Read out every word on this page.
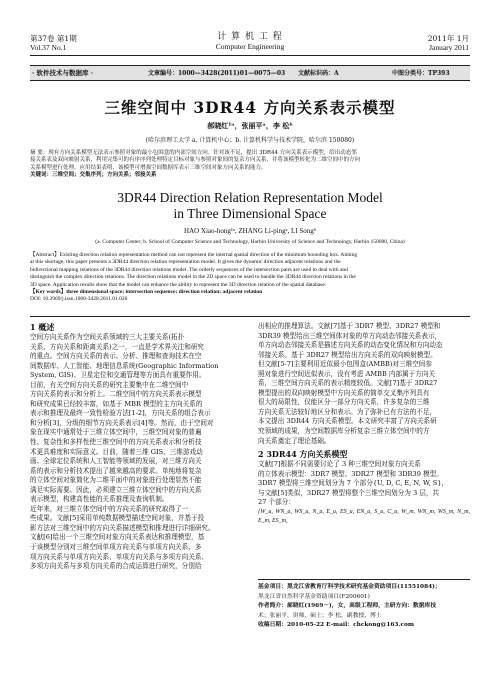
第37卷 第1期
Vol.37 No.1
计 算 机 工 程
Computer Engineering
2011年 1月
January 2011
· 软件技术与数据库 ·	文章编号：1000—3428(2011)01—0075—03 文献标识码：A	中图分类号：TP393
三维空间中 3DR44 方向关系表示模型
郝晓红¹ᵃ，张丽平ᵃ，李 松ᵇ
(哈尔滨理工大学 a. 计算机中心；b. 计算机科学与技术学院，哈尔滨 150080)

摘 要：现有方向关系模型无法表示参照对象的最小包围盒的内部空间方向。针对该不足，提出 3DR44 方向关系表示模型，给出动态邻

接关系表及双向映射关系，利用完集可的有序序列处理特定目标对象与参照对象间的复杂方向关系，并将该模型转化为二维空间中的方向

关系模型进行处理。应用结果表明，该模型可增强空间数据库表示三维空间对象方向关系的能力。

关键词：三维空间；交集序列；方向关系；邻接关系

3DR44 Direction Relation Representation Model
in Three Dimensional Space
HAO Xiao-hong¹ᵃ, ZHANG Li-pingᵃ, LI Songᵇ
(a. Computer Center; b. School of Computer Science and Technology, Harbin University of Science and Technology, Harbin 150080, China)

【Abstract】Existing direction relation representation method can not represent the internal spatial direction of the minimum bounding box. Aiming

at this shortage, this paper presents a 3DR44 direction relation representation model. It gives the dynamic direction adjacent relations and the

bidirectional mapping relations of the 3DR44 direction relations model. The orderly sequences of the intersection pairs are used to deal with and

distinguish the complex direction relations. The direction relations model in the 2D space can be used to handle the 3DR44 direction relations in the

3D space. Application results show that the model can enhance the ability to represent the 3D direction relation of the spatial database.

【Key words】three dimensional space; intersection sequence; direction relation; adjacent relation

DOI: 10.3969/j.issn.1000-3428.2011.01.026

1 概述

空间方向关系作为空间关系领域的三大主要关系(拓扑

关系、方向关系和距离关系)之一，一直是学术界关注和研究

的重点。空间方向关系的表示、分析、推理和查询技术在空

间数据库、人工智能、地理信息系统(Geographic Information

System, GIS)、卫星定位和交通管理等方面具有重要作用。

目前，有关空间方向关系的研究主要集中在二维空间中

方向关系的表示和分析上。二维空间中的方向关系表示模型

和研究成果已经较丰富，如基于 MBR 模型的主方向关系的

表示和推理及最终一致性检验方法[1-2]，方向关系的组合表示

和分析[3]，分级的细节方向关系表示[4]等。然而，由于空间对

象在现实中通常处于三维立体空间中，三维空间对象的普遍

性、复杂性和多样性使三维空间中的方向关系表示和分析技

术更具难度和实际意义。目前，随着三维 GIS、三维游戏动

画、全球定位系统和人工智能等领域的发展，对三维方向关

系的表示和分析技术提出了越来越高的要求。单纯地将复杂

的立体空间对象简化为二维平面中的对象进行处理显然不能

满足实际需要。因此，必须建立三维立体空间中的方向关系

表示模型，构建高性能的关系推理及查询机制。

近年来，对三维立体空间中的方向关系的研究取得了一

些成果。文献[5]采用单纯数据模型描述空间对象，并基于投

影方法对三维空间中的方向关系描述模型和推理进行详细研究。

文献[6]给出一个三维空间对象方向关系表达和推理模型，基

于该模型分别对三维空间单项方向关系与单项方向关系、多

项方向关系与单项方向关系、单项方向关系与多项方向关系、

多项方向关系与多项方向关系的合成运算进行研究，分别给

出相应的推理算法。文献[7]基于 3DR7 模型、3DR27 模型和

3DR39 模型给出三维空间体对象的单方向动态邻接关系表示，

单方向动态邻接关系是描述方向关系的动态变化情况和方向动态

邻接关系。基于 3DR27 模型给出方向关系的双向映射模型。

但文献[5-7]主要利用近似最小包围盒(AMBB)对三维空间参

照对象进行空间近似表示，没有考虑 AMBB 内部属于方向关

系，三维空间方向关系的表示精度较低。文献[7]基于 3DR27

模型提出的双向映射模型中方向关系的简单交叉集序列具有

很大的局限性，仅能区分一部分方向关系，许多复杂的三维

方向关系无法较好地区分和表示。为了弥补已有方法的不足，

本文提出 3DR44 方向关系模型。本文研究丰富了方向关系研

究领域的成果，为空间数据库分析复杂三维立体空间中的方

向关系奠定了理论基础。

2 3DR44 方向关系模型

文献[7]根据不同需要讨论了 3 种三维空间对象方向关系

的立体表示模型：3DR7 模型、3DR27 模型和 3DR39 模型。

3DR7 模型将三维空间划分为 7 个部分{U, D, C, E, N, W, S}，

与文献[5]类似，3DR27 模型将整个三维空间划分为 3 层，共

27 个部分：

{W_u, WN_u, WS_u, N_u, E_u, ES_u, EN_u, S_u, C_u, W_m, WN_m, WS_m, N_m, E_m, ES_m,

基金项目：黑龙江省教育厅科学技术研究基金资助项目(11551084)；

黑龙江省自然科学基金资助项目(F200601)

作者简介：郝晓红(1969－)，女，高级工程师，主研方向：数据库技

术；张丽平，讲师、硕士；李 松，副教授、博士

收稿日期：2010-05-22 E-mail：chckong@163.com
